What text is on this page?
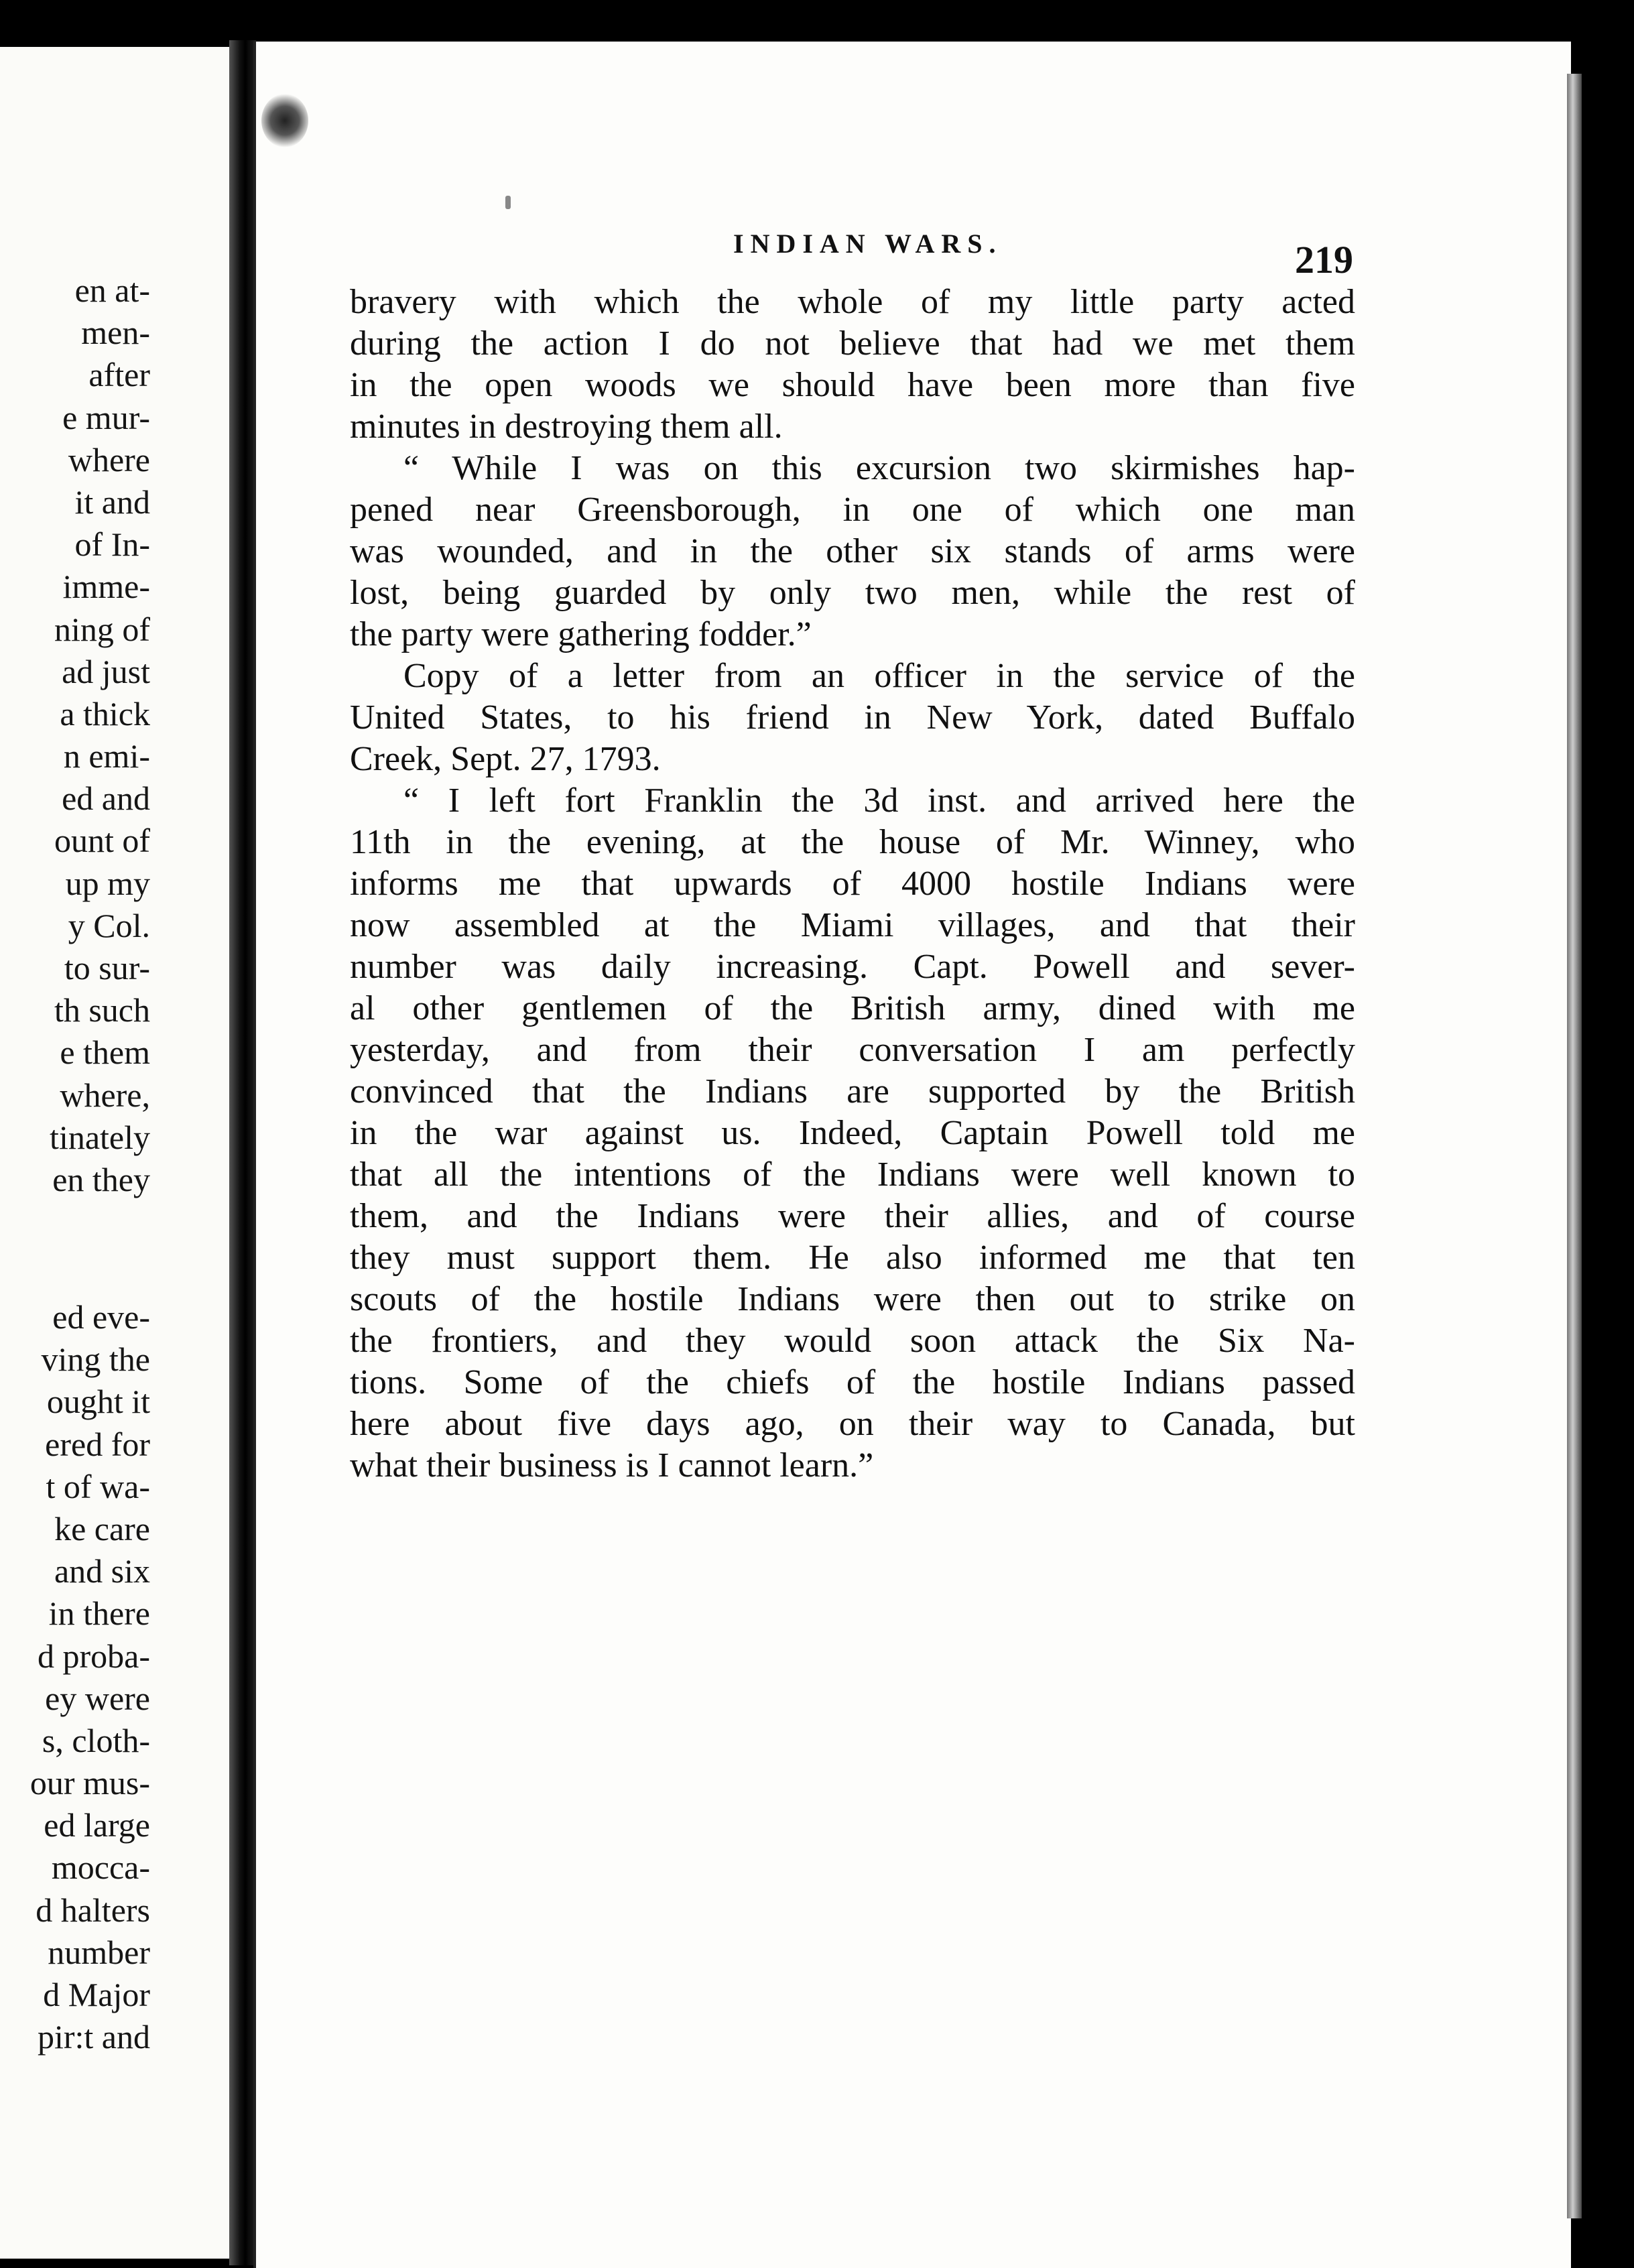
en at-
men-
after
e mur-
where
it and
of In-
imme-
ning of
ad just
a thick
n emi-
ed and
ount of
up my
y Col.
to sur-
th such
e them
where,
tinately
en they
ed eve-
ving the
ought it
ered for
t of wa-
ke care
and six
in there
d proba-
ey were
s, cloth-
our mus-
ed large
mocca-
d halters
number
d Major
pir:t and
INDIAN WARS.	219
bravery with which the whole of my little party acted
during the action I do not believe that had we met them
in the open woods we should have been more than five
minutes in destroying them all.
“ While I was on this excursion two skirmishes hap-
pened near Greensborough, in one of which one man
was wounded, and in the other six stands of arms were
lost, being guarded by only two men, while the rest of
the party were gathering fodder.”
Copy of a letter from an officer in the service of the
United States, to his friend in New York, dated Buffalo
Creek, Sept. 27, 1793.
“ I left fort Franklin the 3d inst. and arrived here the
11th in the evening, at the house of Mr. Winney, who
informs me that upwards of 4000 hostile Indians were
now assembled at the Miami villages, and that their
number was daily increasing. Capt. Powell and sever-
al other gentlemen of the British army, dined with me
yesterday, and from their conversation I am perfectly
convinced that the Indians are supported by the British
in the war against us. Indeed, Captain Powell told me
that all the intentions of the Indians were well known to
them, and the Indians were their allies, and of course
they must support them. He also informed me that ten
scouts of the hostile Indians were then out to strike on
the frontiers, and they would soon attack the Six Na-
tions. Some of the chiefs of the hostile Indians passed
here about five days ago, on their way to Canada, but
what their business is I cannot learn.”
